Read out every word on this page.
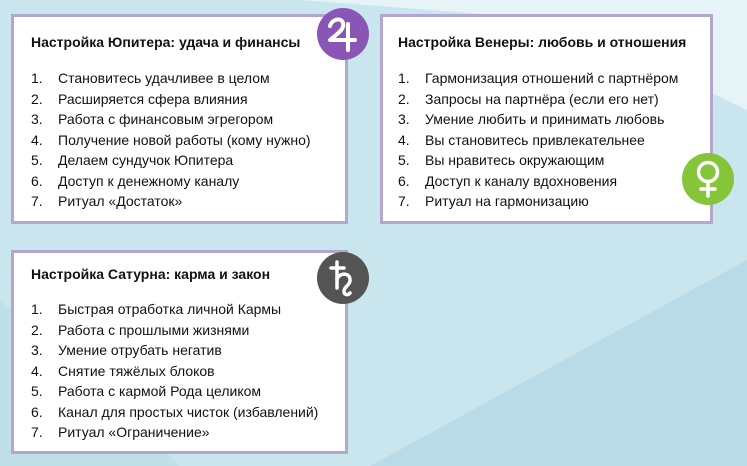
Настройка Юпитера: удача и финансы
1.	Становитесь удачливее в целом
2.	Расширяется сфера влияния
3.	Работа с финансовым эгрегором
4.	Получение новой работы (кому нужно)
5.	Делаем сундучок Юпитера
6.	Доступ к денежному каналу
7.	Ритуал «Достаток»
Настройка Венеры: любовь и отношения
1.	Гармонизация отношений с партнёром
2.	Запросы на партнёра (если его нет)
3.	Умение любить и принимать любовь
4.	Вы становитесь привлекательнее
5.	Вы нравитесь окружающим
6.	Доступ к каналу вдохновения
7.	Ритуал на гармонизацию
Настройка Сатурна: карма и закон
1.	Быстрая отработка личной Кармы
2.	Работа с прошлыми жизнями
3.	Умение отрубать негатив
4.	Снятие тяжёлых блоков
5.	Работа с кармой Рода целиком
6.	Канал для простых чисток (избавлений)
7.	Ритуал «Ограничение»
